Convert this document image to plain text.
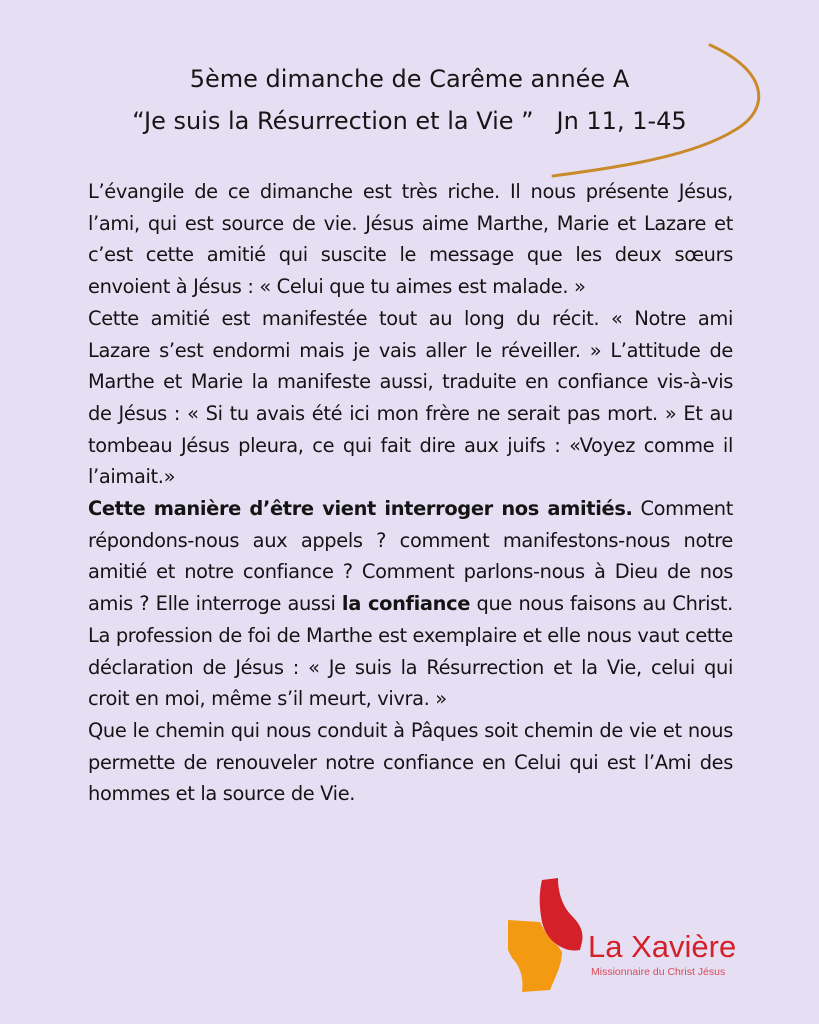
5ème dimanche de Carême année A
“Je suis la Résurrection et la Vie ”   Jn 11, 1-45

L’évangile de ce dimanche est très riche. Il nous présente Jésus, l’ami, qui est source de vie. Jésus aime Marthe, Marie et Lazare et c’est cette amitié qui suscite le message que les deux sœurs envoient à Jésus : « Celui que tu aimes est malade. »

Cette amitié est manifestée tout au long du récit. « Notre ami Lazare s’est endormi mais je vais aller le réveiller. » L’attitude de Marthe et Marie la manifeste aussi, traduite en confiance vis-à-vis de Jésus : « Si tu avais été ici mon frère ne serait pas mort. » Et au tombeau Jésus pleura, ce qui fait dire aux juifs : «Voyez comme il l’aimait.»

Cette manière d’être vient interroger nos amitiés. Comment répondons-nous aux appels ? comment manifestons-nous notre amitié et notre confiance ? Comment parlons-nous à Dieu de nos amis ? Elle interroge aussi la confiance que nous faisons au Christ. La profession de foi de Marthe est exemplaire et elle nous vaut cette déclaration de Jésus : « Je suis la Résurrection et la Vie, celui qui croit en moi, même s’il meurt, vivra. »

Que le chemin qui nous conduit à Pâques soit chemin de vie et nous permette de renouveler notre confiance en Celui qui est l’Ami des hommes et la source de Vie.

La Xavière
Missionnaire du Christ Jésus
